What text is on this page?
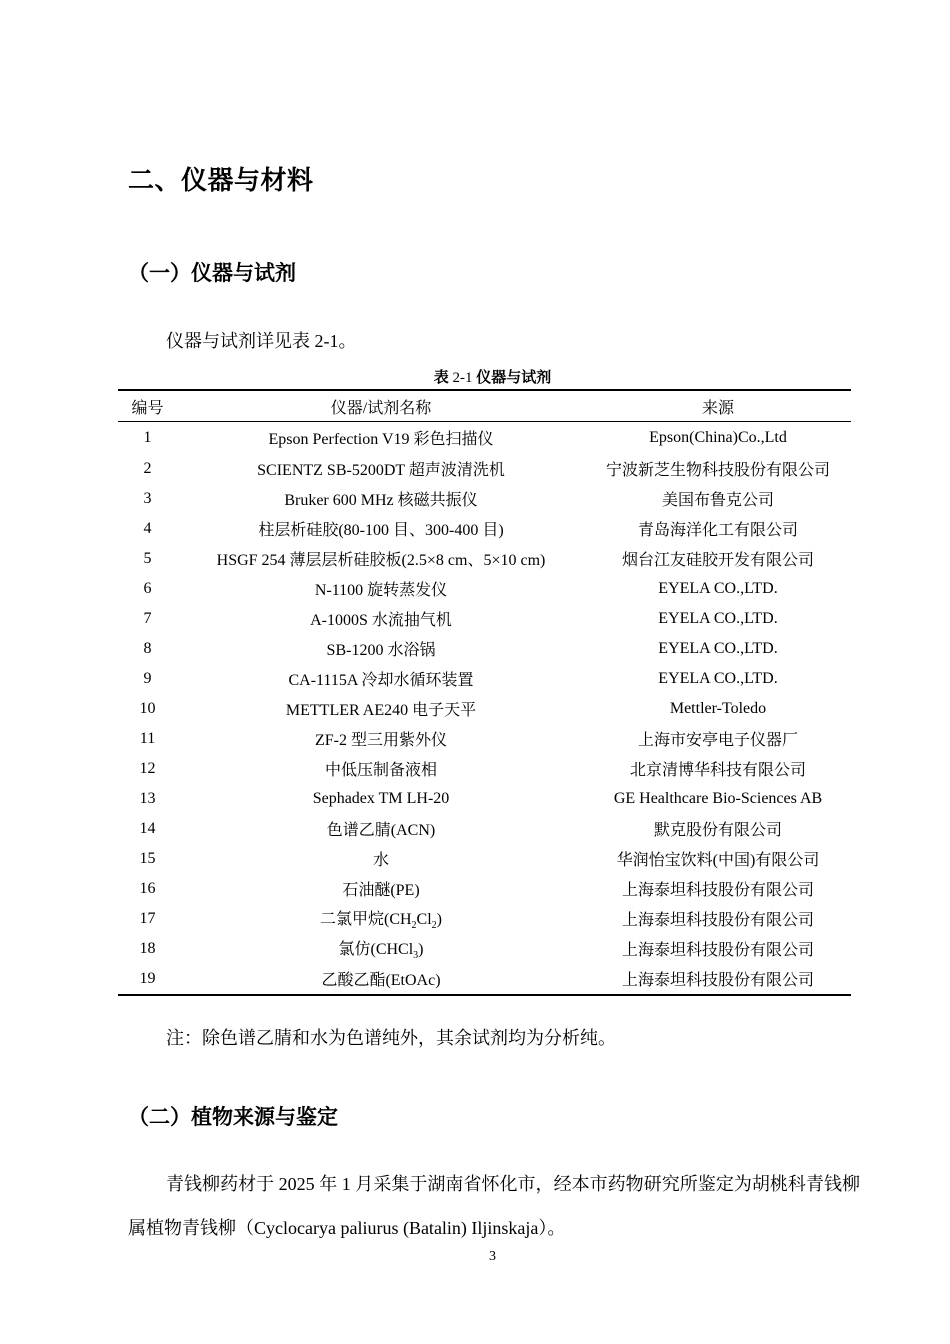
二、仪器与材料
（一）仪器与试剂

仪器与试剂详见表 2-1。

表 2-1 仪器与试剂
编号	仪器/试剂名称	来源
1	Epson Perfection V19 彩色扫描仪	Epson(China)Co.,Ltd
2	SCIENTZ SB-5200DT 超声波清洗机	宁波新芝生物科技股份有限公司
3	Bruker 600 MHz 核磁共振仪	美国布鲁克公司
4	柱层析硅胶(80-100 目、300-400 目)	青岛海洋化工有限公司
5	HSGF 254 薄层层析硅胶板(2.5×8 cm、5×10 cm)	烟台江友硅胶开发有限公司
6	N-1100 旋转蒸发仪	EYELA CO.,LTD.
7	A-1000S 水流抽气机	EYELA CO.,LTD.
8	SB-1200 水浴锅	EYELA CO.,LTD.
9	CA-1115A 冷却水循环装置	EYELA CO.,LTD.
10	METTLER AE240 电子天平	Mettler-Toledo
11	ZF-2 型三用紫外仪	上海市安亭电子仪器厂
12	中低压制备液相	北京清博华科技有限公司
13	Sephadex TM LH-20	GE Healthcare Bio-Sciences AB
14	色谱乙腈(ACN)	默克股份有限公司
15	水	华润怡宝饮料(中国)有限公司
16	石油醚(PE)	上海泰坦科技股份有限公司
17	二氯甲烷$(CH_2Cl_2)$	上海泰坦科技股份有限公司
18	氯仿(CHCl$_3$)	上海泰坦科技股份有限公司
19	乙酸乙酯(EtOAc)	上海泰坦科技股份有限公司

注：除色谱乙腈和水为色谱纯外，其余试剂均为分析纯。

（二）植物来源与鉴定

青钱柳药材于 2025 年 1 月采集于湖南省怀化市，经本市药物研究所鉴定为胡桃科青钱柳属植物青钱柳（Cyclocarya paliurus (Batalin) Iljinskaja）。

3
